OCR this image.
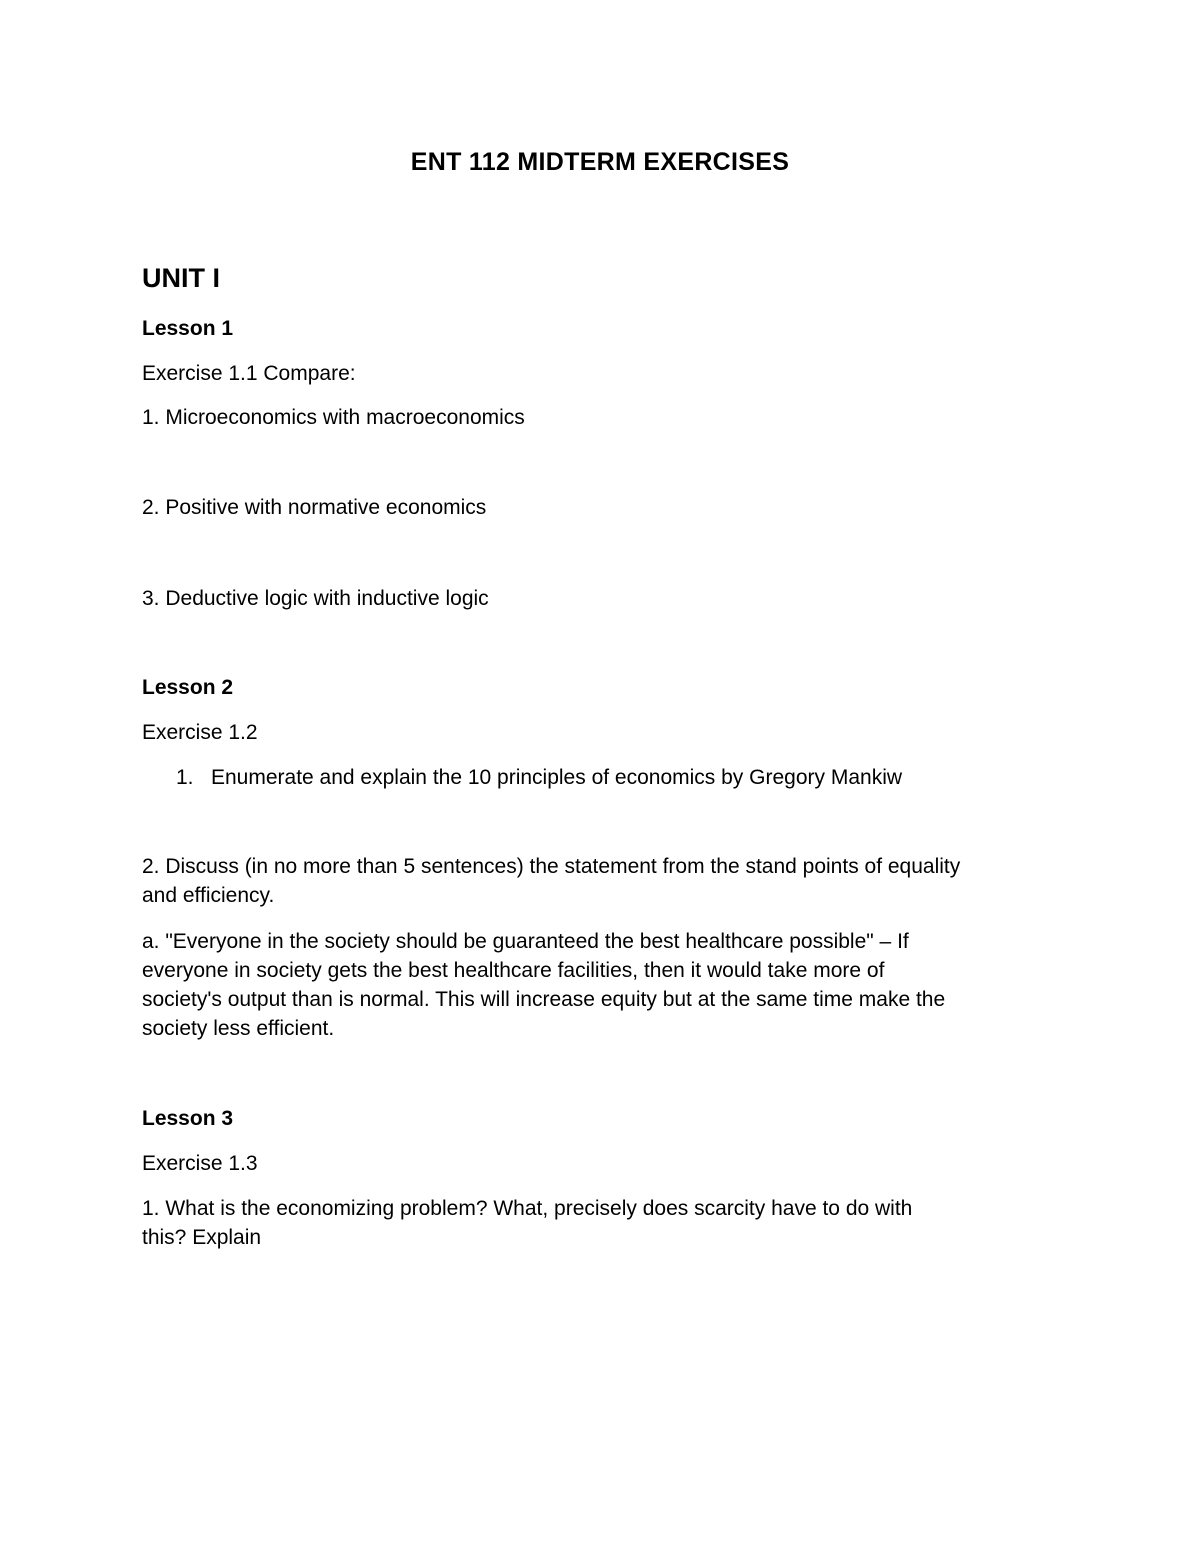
ENT 112 MIDTERM EXERCISES
UNIT I
Lesson 1

Exercise 1.1 Compare:

1. Microeconomics with macroeconomics

2. Positive with normative economics

3. Deductive logic with inductive logic

Lesson 2

Exercise 1.2

1. Enumerate and explain the 10 principles of economics by Gregory Mankiw

2. Discuss (in no more than 5 sentences) the statement from the stand points of equality

and efficiency.

a. "Everyone in the society should be guaranteed the best healthcare possible" – If

everyone in society gets the best healthcare facilities, then it would take more of

society's output than is normal. This will increase equity but at the same time make the

society less efficient.

Lesson 3

Exercise 1.3

1. What is the economizing problem? What, precisely does scarcity have to do with

this? Explain
